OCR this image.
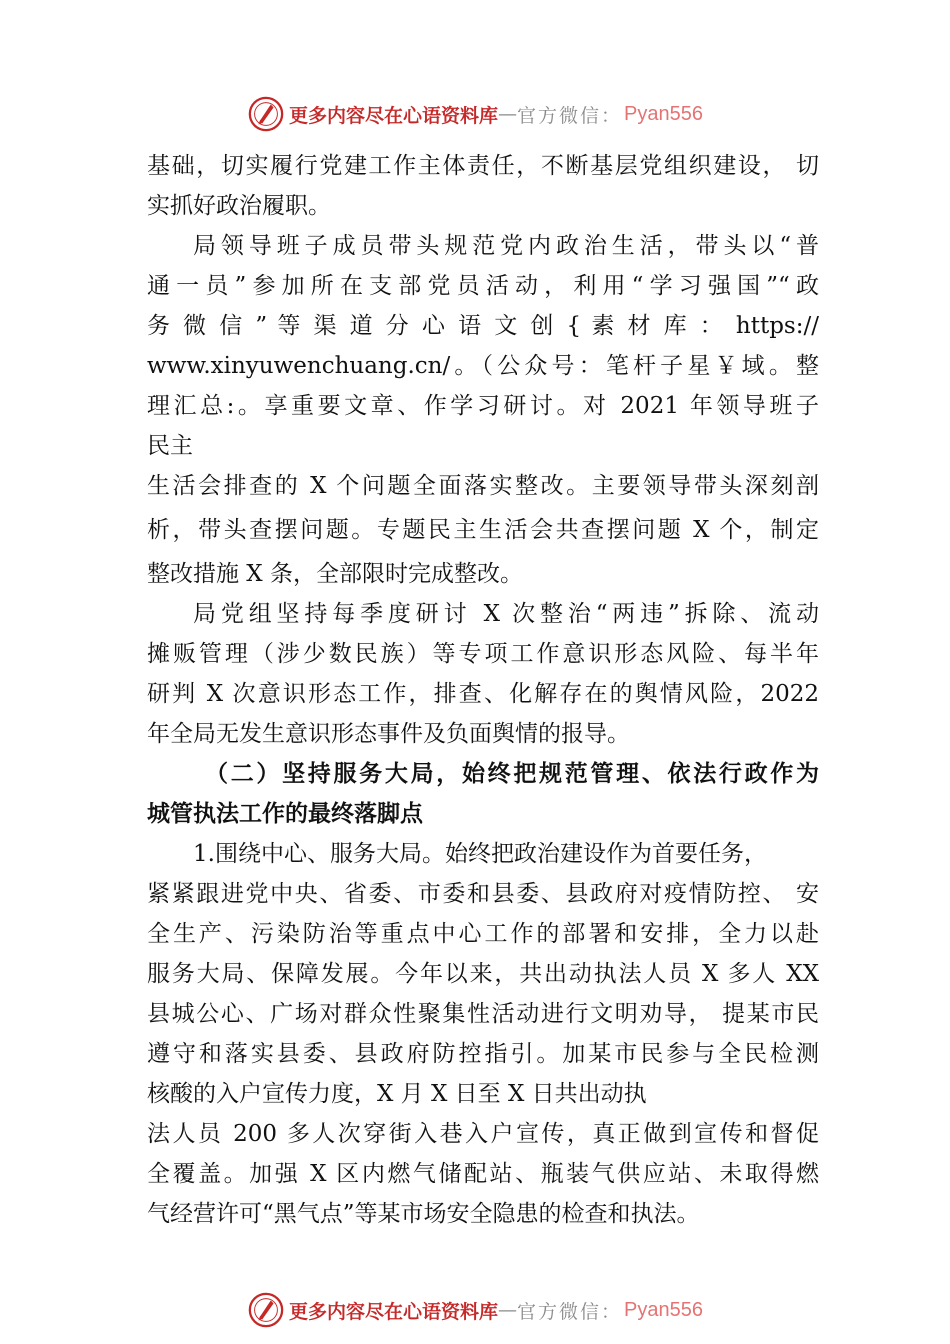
更多内容尽在心语资料库 — 官方微信： Pyan556
基础，切实履行党建工作主体责任，不断基层党组织建设， 切
实抓好政治履职。
局领导班子成员带头规范党内政治生活，带头以“普
通一员”参加所在支部党员活动，利用“学习强国”“政
务 微 信 ” 等 渠 道 分 心 语 文 创 { 素 材 库 ： https://
www.xinyuwenchuang.cn/。（公众号：笔杆子星￥域。整
理汇总:。享重要文章、作学习研讨。对 2021 年领导班子
民主
生活会排查的 X 个问题全面落实整改。主要领导带头深刻剖
析，带头查摆问题。专题民主生活会共查摆问题 X 个，制定
整改措施 X 条，全部限时完成整改。
局党组坚持每季度研讨 X 次整治“两违”拆除、流动
摊贩管理（涉少数民族）等专项工作意识形态风险、每半年
研判 X 次意识形态工作，排查、化解存在的舆情风险，2022
年全局无发生意识形态事件及负面舆情的报导。
（二）坚持服务大局，始终把规范管理、依法行政作为
城管执法工作的最终落脚点
1.围绕中心、服务大局。始终把政治建设作为首要任务，
紧紧跟进党中央、省委、市委和县委、县政府对疫情防控、 安
全生产、污染防治等重点中心工作的部署和安排，全力以赴
服务大局、保障发展。今年以来，共出动执法人员 X 多人 XX
县城公心、广场对群众性聚集性活动进行文明劝导， 提某市民
遵守和落实县委、县政府防控指引。加某市民参与全民检测
核酸的入户宣传力度，X 月 X 日至 X 日共出动执
法人员 200 多人次穿街入巷入户宣传，真正做到宣传和督促
全覆盖。加强 X 区内燃气储配站、瓶装气供应站、未取得燃
气经营许可“黑气点”等某市场安全隐患的检查和执法。
更多内容尽在心语资料库 — 官方微信： Pyan556
